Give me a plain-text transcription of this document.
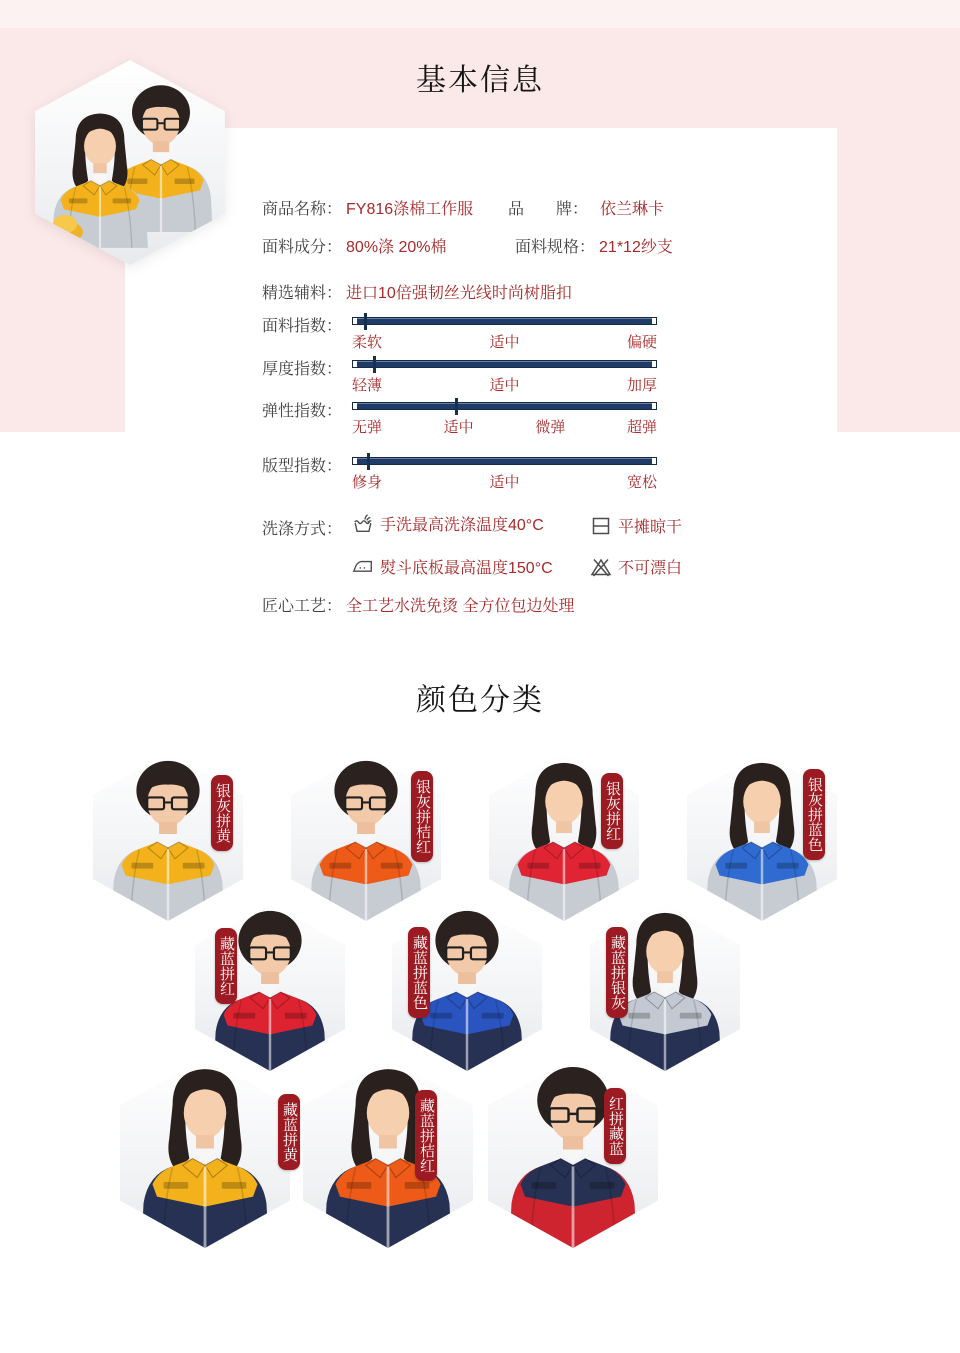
基本信息
商品名称： FY816涤棉工作服 品　　牌： 依兰琳卡
面料成分： 80%涤 20%棉	面料规格： 21*12纱支
精选辅料： 进口10倍强韧丝光线时尚树脂扣
面料指数：
柔软	适中	偏硬
厚度指数：
轻薄	适中	加厚
弹性指数：
无弹	适中	微弹	超弹
版型指数：
修身	适中	宽松
洗涤方式： 手洗最高洗涤温度40°C	平摊晾干
熨斗底板最高温度150°C	不可漂白
匠心工艺： 全工艺水洗免烫 全方位包边处理
颜色分类
银灰拼黄	银灰拼桔红	银灰拼红	银灰拼蓝色
藏蓝拼红	藏蓝拼蓝色	藏蓝拼银灰
藏蓝拼黄	藏蓝拼桔红	红拼藏蓝
